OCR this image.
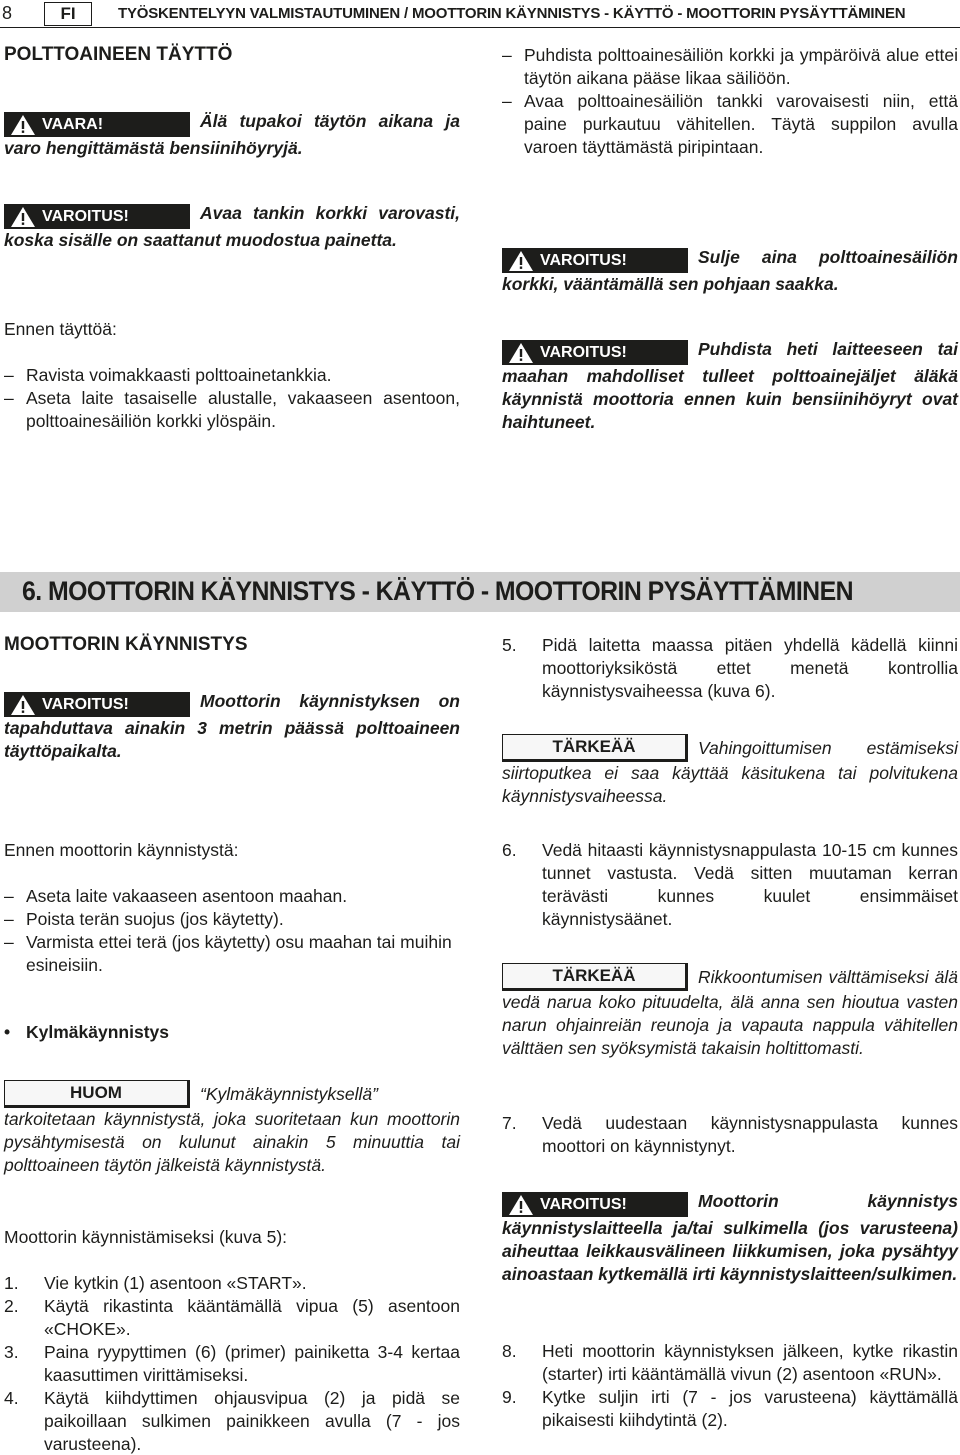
8	FI	TYÖSKENTELYYN VALMISTAUTUMINEN / MOOTTORIN KÄYNNISTYS - KÄYTTÖ - MOOTTORIN PYSÄYTTÄMINEN
POLTTOAINEEN TÄYTTÖ
VAARA!	Älä tupakoi täytön aikana ja varo hengittämästä bensiinihöyryjä.
VAROITUS!	Avaa tankin korkki varovasti, koska sisälle on saattanut muodostua painetta.
Ennen täyttöä:
– Ravista voimakkaasti polttoainetankkia.
– Aseta laite tasaiselle alustalle, vakaaseen asentoon, polttoainesäiliön korkki ylöspäin.
– Puhdista polttoainesäiliön korkki ja ympäröivä alue ettei täytön aikana pääse likaa säiliöön.
– Avaa polttoainesäiliön tankki varovaisesti niin, että paine purkautuu vähitellen. Täytä suppilon avulla varoen täyttämästä piripintaan.
VAROITUS!	Sulje aina polttoainesäiliön korkki, vääntämällä sen pohjaan saakka.
VAROITUS!	Puhdista heti laitteeseen tai maahan mahdolliset tulleet polttoainejäljet äläkä käynnistä moottoria ennen kuin bensiinihöyryt ovat haihtuneet.
6. MOOTTORIN KÄYNNISTYS - KÄYTTÖ - MOOTTORIN PYSÄYTTÄMINEN
MOOTTORIN KÄYNNISTYS
VAROITUS!	Moottorin käynnistyksen on tapahduttava ainakin 3 metrin päässä polttoaineen täyttöpaikalta.
Ennen moottorin käynnistystä:
– Aseta laite vakaaseen asentoon maahan.
– Poista terän suojus (jos käytetty).
– Varmista ettei terä (jos käytetty) osu maahan tai muihin esineisiin.
• Kylmäkäynnistys
HUOM	“Kylmäkäynnistyksellä” tarkoitetaan käynnistystä, joka suoritetaan kun moottorin pysähtymisestä on kulunut ainakin 5 minuuttia tai polttoaineen täytön jälkeistä käynnistystä.
Moottorin käynnistämiseksi (kuva 5):
1.	Vie kytkin (1) asentoon «START».
2.	Käytä rikastinta kääntämällä vipua (5) asentoon «CHOKE».
3.	Paina ryypyttimen (6) (primer) painiketta 3-4 kertaa kaasuttimen virittämiseksi.
4.	Käytä kiihdyttimen ohjausvipua (2) ja pidä se paikoillaan sulkimen painikkeen avulla (7 - jos varusteena).
5.	Pidä laitetta maassa pitäen yhdellä kädellä kiinni moottoriyksiköstä ettet menetä kontrollia käynnistysvaiheessa (kuva 6).
TÄRKEÄÄ	Vahingoittumisen estämiseksi siirtoputkea ei saa käyttää käsitukena tai polvitukena käynnistysvaiheessa.
6.	Vedä hitaasti käynnistysnappulasta 10-15 cm kunnes tunnet vastusta. Vedä sitten muutaman kerran terävästi kunnes kuulet ensimmäiset käynnistysäänet.
TÄRKEÄÄ	Rikkoontumisen välttämiseksi älä vedä narua koko pituudelta, älä anna sen hioutua vasten narun ohjainreiän reunoja ja vapauta nappula vähitellen välttäen sen syöksymistä takaisin holtittomasti.
7.	Vedä uudestaan käynnistysnappulasta kunnes moottori on käynnistynyt.
VAROITUS!	Moottorin käynnistys käynnistyslaitteella ja/tai sulkimella (jos varusteena) aiheuttaa leikkausvälineen liikkumisen, joka pysähtyy ainoastaan kytkemällä irti käynnistyslaitteen/sulkimen.
8.	Heti moottorin käynnistyksen jälkeen, kytke rikastin (starter) irti kääntämällä vivun (2) asentoon «RUN».
9.	Kytke suljin irti (7 - jos varusteena) käyttämällä pikaisesti kiihdytintä (2).
